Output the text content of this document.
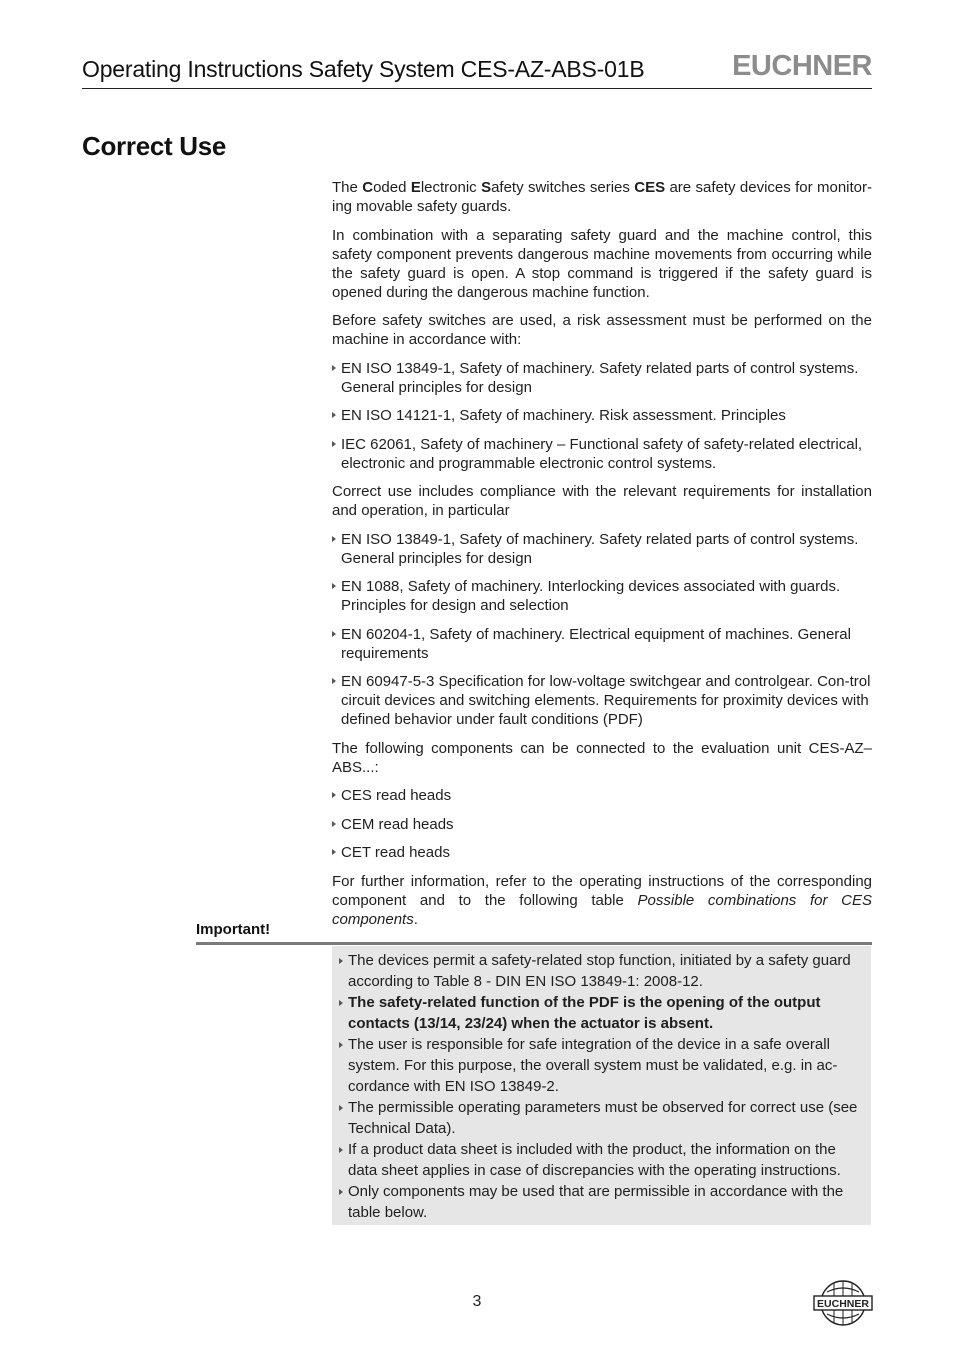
Operating Instructions Safety System CES-AZ-ABS-01B	EUCHNER
Correct Use

The Coded Electronic Safety switches series CES are safety devices for monitor-ing movable safety guards.

In combination with a separating safety guard and the machine control, this safety component prevents dangerous machine movements from occurring while the safety guard is open. A stop command is triggered if the safety guard is opened during the dangerous machine function.

Before safety switches are used, a risk assessment must be performed on the machine in accordance with:

EN ISO 13849-1, Safety of machinery. Safety related parts of control systems. General principles for design
EN ISO 14121-1, Safety of machinery. Risk assessment. Principles
IEC 62061, Safety of machinery – Functional safety of safety-related electrical, electronic and programmable electronic control systems.

Correct use includes compliance with the relevant requirements for installation and operation, in particular

EN ISO 13849-1, Safety of machinery. Safety related parts of control systems. General principles for design
EN 1088, Safety of machinery. Interlocking devices associated with guards. Principles for design and selection
EN 60204-1, Safety of machinery. Electrical equipment of machines. General requirements
EN 60947-5-3 Specification for low-voltage switchgear and controlgear. Con-trol circuit devices and switching elements. Requirements for proximity devices with defined behavior under fault conditions (PDF)

The following components can be connected to the evaluation unit CES-AZ–ABS...:

CES read heads
CEM read heads
CET read heads

For further information, refer to the operating instructions of the corresponding component and to the following table Possible combinations for CES components.

Important!
The devices permit a safety-related stop function, initiated by a safety guard according to Table 8 - DIN EN ISO 13849-1: 2008-12.
The safety-related function of the PDF is the opening of the output contacts (13/14, 23/24) when the actuator is absent.
The user is responsible for safe integration of the device in a safe overall system. For this purpose, the overall system must be validated, e.g. in ac-cordance with EN ISO 13849-2.
The permissible operating parameters must be observed for correct use (see Technical Data).
If a product data sheet is included with the product, the information on the data sheet applies in case of discrepancies with the operating instructions.
Only components may be used that are permissible in accordance with the table below.
3	EUCHNER
